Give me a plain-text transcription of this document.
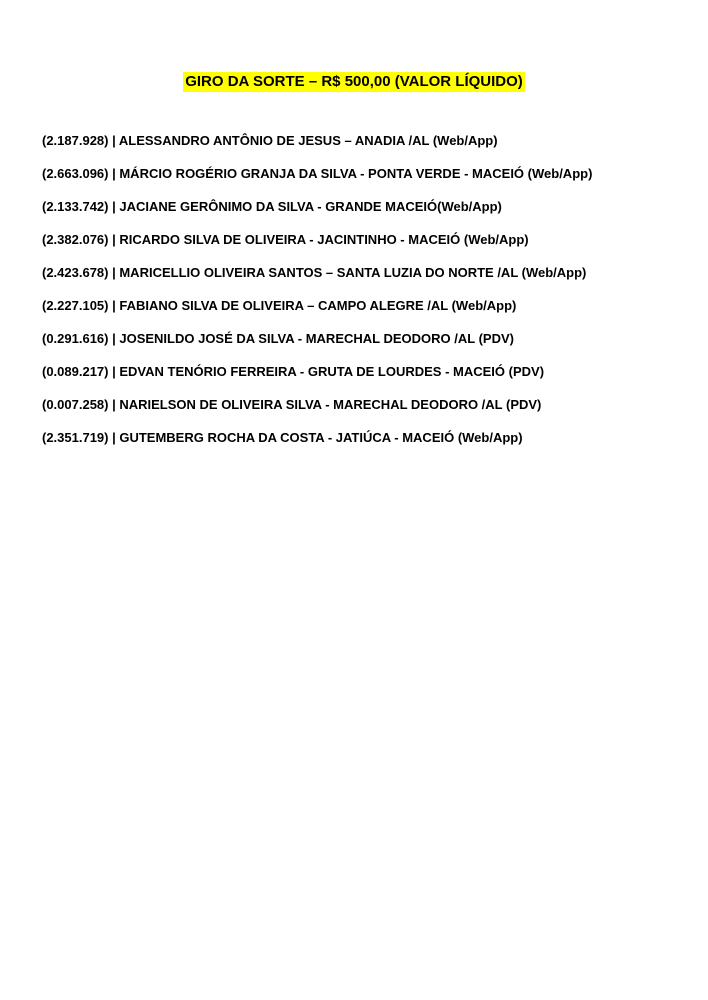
GIRO DA SORTE – R$ 500,00 (VALOR LÍQUIDO)
(2.187.928) | ALESSANDRO ANTÔNIO DE JESUS – ANADIA /AL (Web/App)
(2.663.096) | MÁRCIO ROGÉRIO GRANJA DA SILVA - PONTA VERDE - MACEIÓ (Web/App)
(2.133.742) | JACIANE GERÔNIMO DA SILVA - GRANDE MACEIÓ(Web/App)
(2.382.076) | RICARDO SILVA DE OLIVEIRA - JACINTINHO - MACEIÓ (Web/App)
(2.423.678) | MARICELLIO OLIVEIRA SANTOS – SANTA LUZIA DO NORTE /AL (Web/App)
(2.227.105) | FABIANO SILVA DE OLIVEIRA – CAMPO ALEGRE /AL (Web/App)
(0.291.616) | JOSENILDO JOSÉ DA SILVA - MARECHAL DEODORO /AL (PDV)
(0.089.217) | EDVAN TENÓRIO FERREIRA - GRUTA DE LOURDES - MACEIÓ (PDV)
(0.007.258) | NARIELSON DE OLIVEIRA SILVA - MARECHAL DEODORO /AL (PDV)
(2.351.719) | GUTEMBERG ROCHA DA COSTA - JATIÚCA - MACEIÓ (Web/App)
